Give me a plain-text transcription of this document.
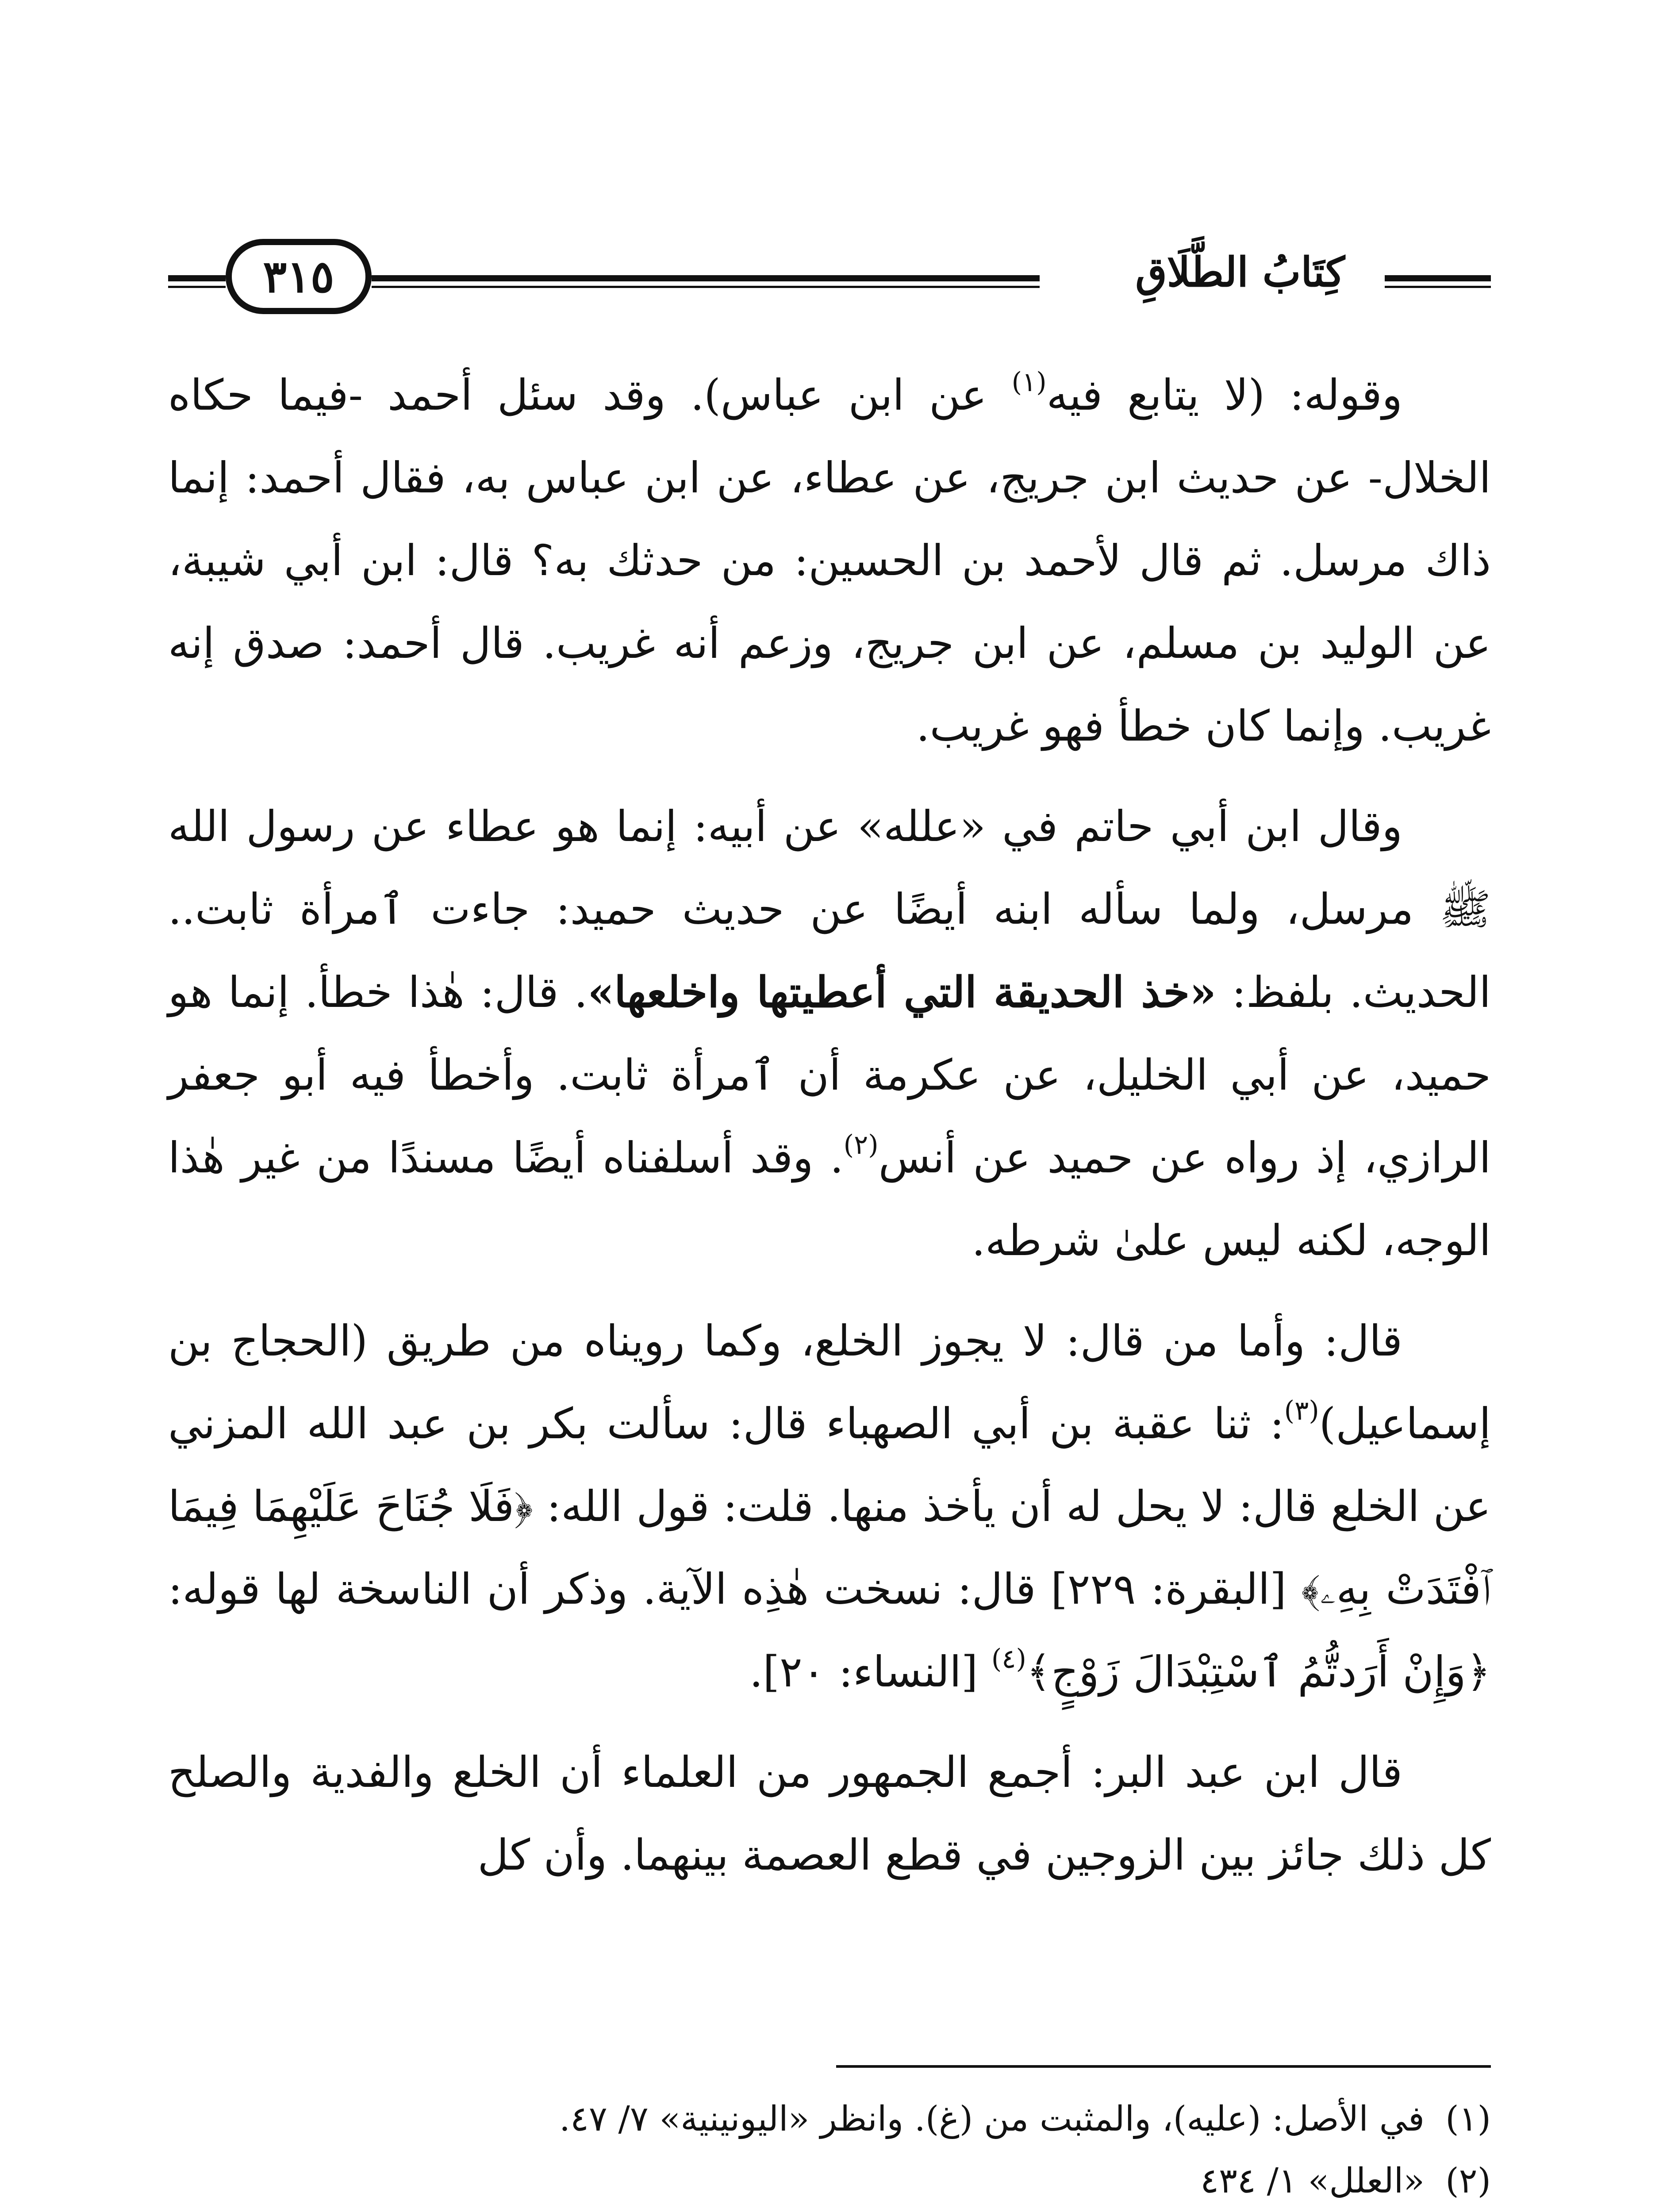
كِتَابُ الطَّلَاقِ
٣١٥

وقوله: (لا يتابع فيه$^{(١)}$ عن ابن عباس). وقد سئل أحمد -فيما حكاه الخلال- عن حديث ابن جريج، عن عطاء، عن ابن عباس به، فقال أحمد: إنما ذاك مرسل. ثم قال لأحمد بن الحسين: من حدثك به؟ قال: ابن أبي شيبة، عن الوليد بن مسلم، عن ابن جريج، وزعم أنه غريب. قال أحمد: صدق إنه غريب. وإنما كان خطأ فهو غريب.

وقال ابن أبي حاتم في «علله» عن أبيه: إنما هو عطاء عن رسول الله ﷺ مرسل، ولما سأله ابنه أيضًا عن حديث حميد: جاءت ٱمرأة ثابت.. الحديث. بلفظ: «خذ الحديقة التي أعطيتها واخلعها». قال: هٰذا خطأ. إنما هو حميد، عن أبي الخليل، عن عكرمة أن ٱمرأة ثابت. وأخطأ فيه أبو جعفر الرازي، إذ رواه عن حميد عن أنس$^{(٢)}$. وقد أسلفناه أيضًا مسندًا من غير هٰذا الوجه، لكنه ليس علىٰ شرطه.

قال: وأما من قال: لا يجوز الخلع، وكما رويناه من طريق (الحجاج بن إسماعيل)$^{(٣)}$: ثنا عقبة بن أبي الصهباء قال: سألت بكر بن عبد الله المزني عن الخلع قال: لا يحل له أن يأخذ منها. قلت: قول الله: ﴿فَلَا جُنَاحَ عَلَيْهِمَا فِيمَا ٱفْتَدَتْ بِهِۦ﴾ [البقرة: ٢٢٩] قال: نسخت هٰذِه الآية. وذكر أن الناسخة لها قوله: ﴿وَإِنْ أَرَدتُّمُ ٱسْتِبْدَالَ زَوْجٍ﴾$^{(٤)}$ [النساء: ٢٠].

قال ابن عبد البر: أجمع الجمهور من العلماء أن الخلع والفدية والصلح كل ذلك جائز بين الزوجين في قطع العصمة بينهما. وأن كل

(١)في الأصل: (عليه)، والمثبت من (غ). وانظر «اليونينية» ٧/ ٤٧.

(٢)«العلل» ١/ ٤٣٤
